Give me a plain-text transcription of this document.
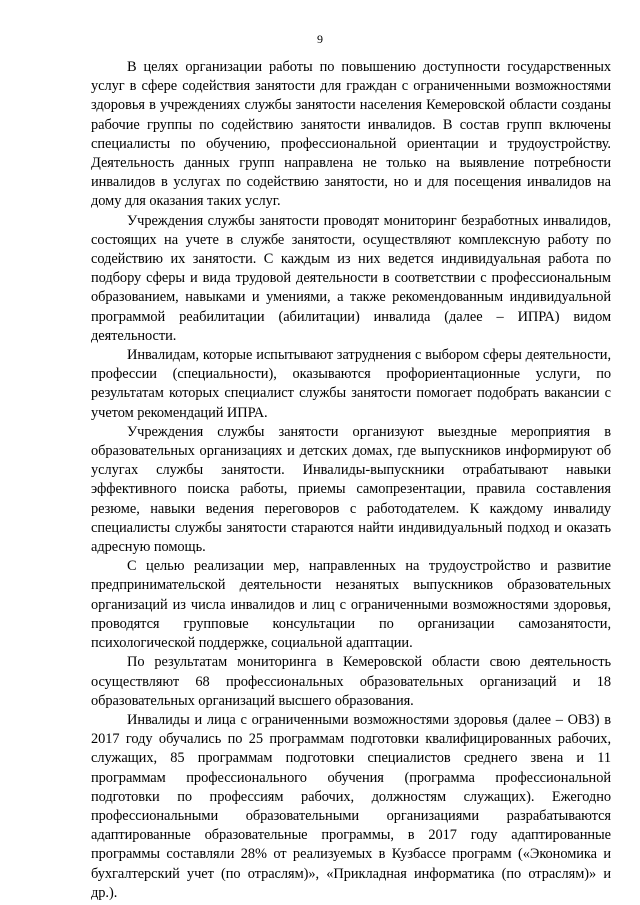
9

В целях организации работы по повышению доступности государственных услуг в сфере содействия занятости для граждан с ограниченными возможностями здоровья в учреждениях службы занятости населения Кемеровской области созданы рабочие группы по содействию занятости инвалидов. В состав групп включены специалисты по обучению, профессиональной ориентации и трудоустройству. Деятельность данных групп направлена не только на выявление потребности инвалидов в услугах по содействию занятости, но и для посещения инвалидов на дому для оказания таких услуг.

Учреждения службы занятости проводят мониторинг безработных инвалидов, состоящих на учете в службе занятости, осуществляют комплексную работу по содействию их занятости. С каждым из них ведется индивидуальная работа по подбору сферы и вида трудовой деятельности в соответствии с профессиональным образованием, навыками и умениями, а также рекомендованным индивидуальной программой реабилитации (абилитации) инвалида (далее – ИПРА) видом деятельности.

Инвалидам, которые испытывают затруднения с выбором сферы деятельности, профессии (специальности), оказываются профориентационные услуги, по результатам которых специалист службы занятости помогает подобрать вакансии с учетом рекомендаций ИПРА.

Учреждения службы занятости организуют выездные мероприятия в образовательных организациях и детских домах, где выпускников информируют об услугах службы занятости. Инвалиды-выпускники отрабатывают навыки эффективного поиска работы, приемы самопрезентации, правила составления резюме, навыки ведения переговоров с работодателем. К каждому инвалиду специалисты службы занятости стараются найти индивидуальный подход и оказать адресную помощь.

С целью реализации мер, направленных на трудоустройство и развитие предпринимательской деятельности незанятых выпускников образовательных организаций из числа инвалидов и лиц с ограниченными возможностями здоровья, проводятся групповые консультации по организации самозанятости, психологической поддержке, социальной адаптации.

По результатам мониторинга в Кемеровской области свою деятельность осуществляют 68 профессиональных образовательных организаций и 18 образовательных организаций высшего образования.

Инвалиды и лица с ограниченными возможностями здоровья (далее – ОВЗ) в 2017 году обучались по 25 программам подготовки квалифицированных рабочих, служащих, 85 программам подготовки специалистов среднего звена и 11 программам профессионального обучения (программа профессиональной подготовки по профессиям рабочих, должностям служащих). Ежегодно профессиональными образовательными организациями разрабатываются адаптированные образовательные программы, в 2017 году адаптированные программы составляли 28% от реализуемых в Кузбассе программ («Экономика и бухгалтерский учет (по отраслям)», «Прикладная информатика (по отраслям)» и др.).
